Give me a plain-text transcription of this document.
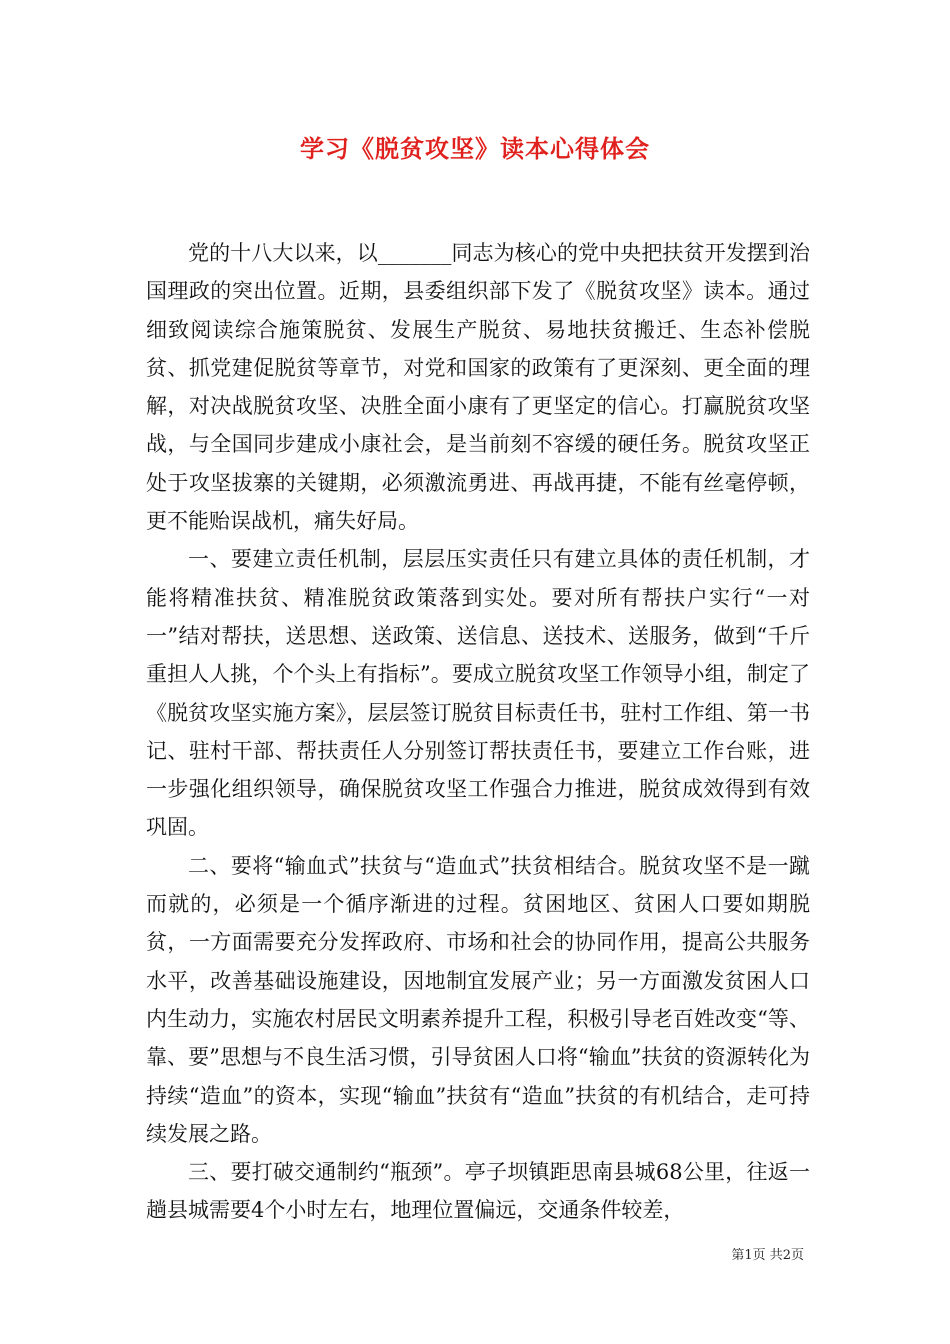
学习《脱贫攻坚》读本心得体会

党的十八大以来，以_______同志为核心的党中央把扶贫开发摆到治国理政的突出位置。近期，县委组织部下发了《脱贫攻坚》读本。通过细致阅读综合施策脱贫、发展生产脱贫、易地扶贫搬迁、生态补偿脱贫、抓党建促脱贫等章节，对党和国家的政策有了更深刻、更全面的理解，对决战脱贫攻坚、决胜全面小康有了更坚定的信心。打赢脱贫攻坚战，与全国同步建成小康社会，是当前刻不容缓的硬任务。脱贫攻坚正处于攻坚拔寨的关键期，必须激流勇进、再战再捷，不能有丝毫停顿，更不能贻误战机，痛失好局。

一、要建立责任机制，层层压实责任只有建立具体的责任机制，才能将精准扶贫、精准脱贫政策落到实处。要对所有帮扶户实行“一对一”结对帮扶，送思想、送政策、送信息、送技术、送服务，做到“千斤重担人人挑，个个头上有指标”。要成立脱贫攻坚工作领导小组，制定了《脱贫攻坚实施方案》，层层签订脱贫目标责任书，驻村工作组、第一书记、驻村干部、帮扶责任人分别签订帮扶责任书，要建立工作台账，进一步强化组织领导，确保脱贫攻坚工作强合力推进，脱贫成效得到有效巩固。

二、要将“输血式”扶贫与“造血式”扶贫相结合。脱贫攻坚不是一蹴而就的，必须是一个循序渐进的过程。贫困地区、贫困人口要如期脱贫，一方面需要充分发挥政府、市场和社会的协同作用，提高公共服务水平，改善基础设施建设，因地制宜发展产业；另一方面激发贫困人口内生动力，实施农村居民文明素养提升工程，积极引导老百姓改变“等、靠、要”思想与不良生活习惯，引导贫困人口将“输血”扶贫的资源转化为持续“造血”的资本，实现“输血”扶贫有“造血”扶贫的有机结合，走可持续发展之路。

三、要打破交通制约“瓶颈”。亭子坝镇距思南县城68公里，往返一趟县城需要4个小时左右，地理位置偏远，交通条件较差，

第1页 共2页
